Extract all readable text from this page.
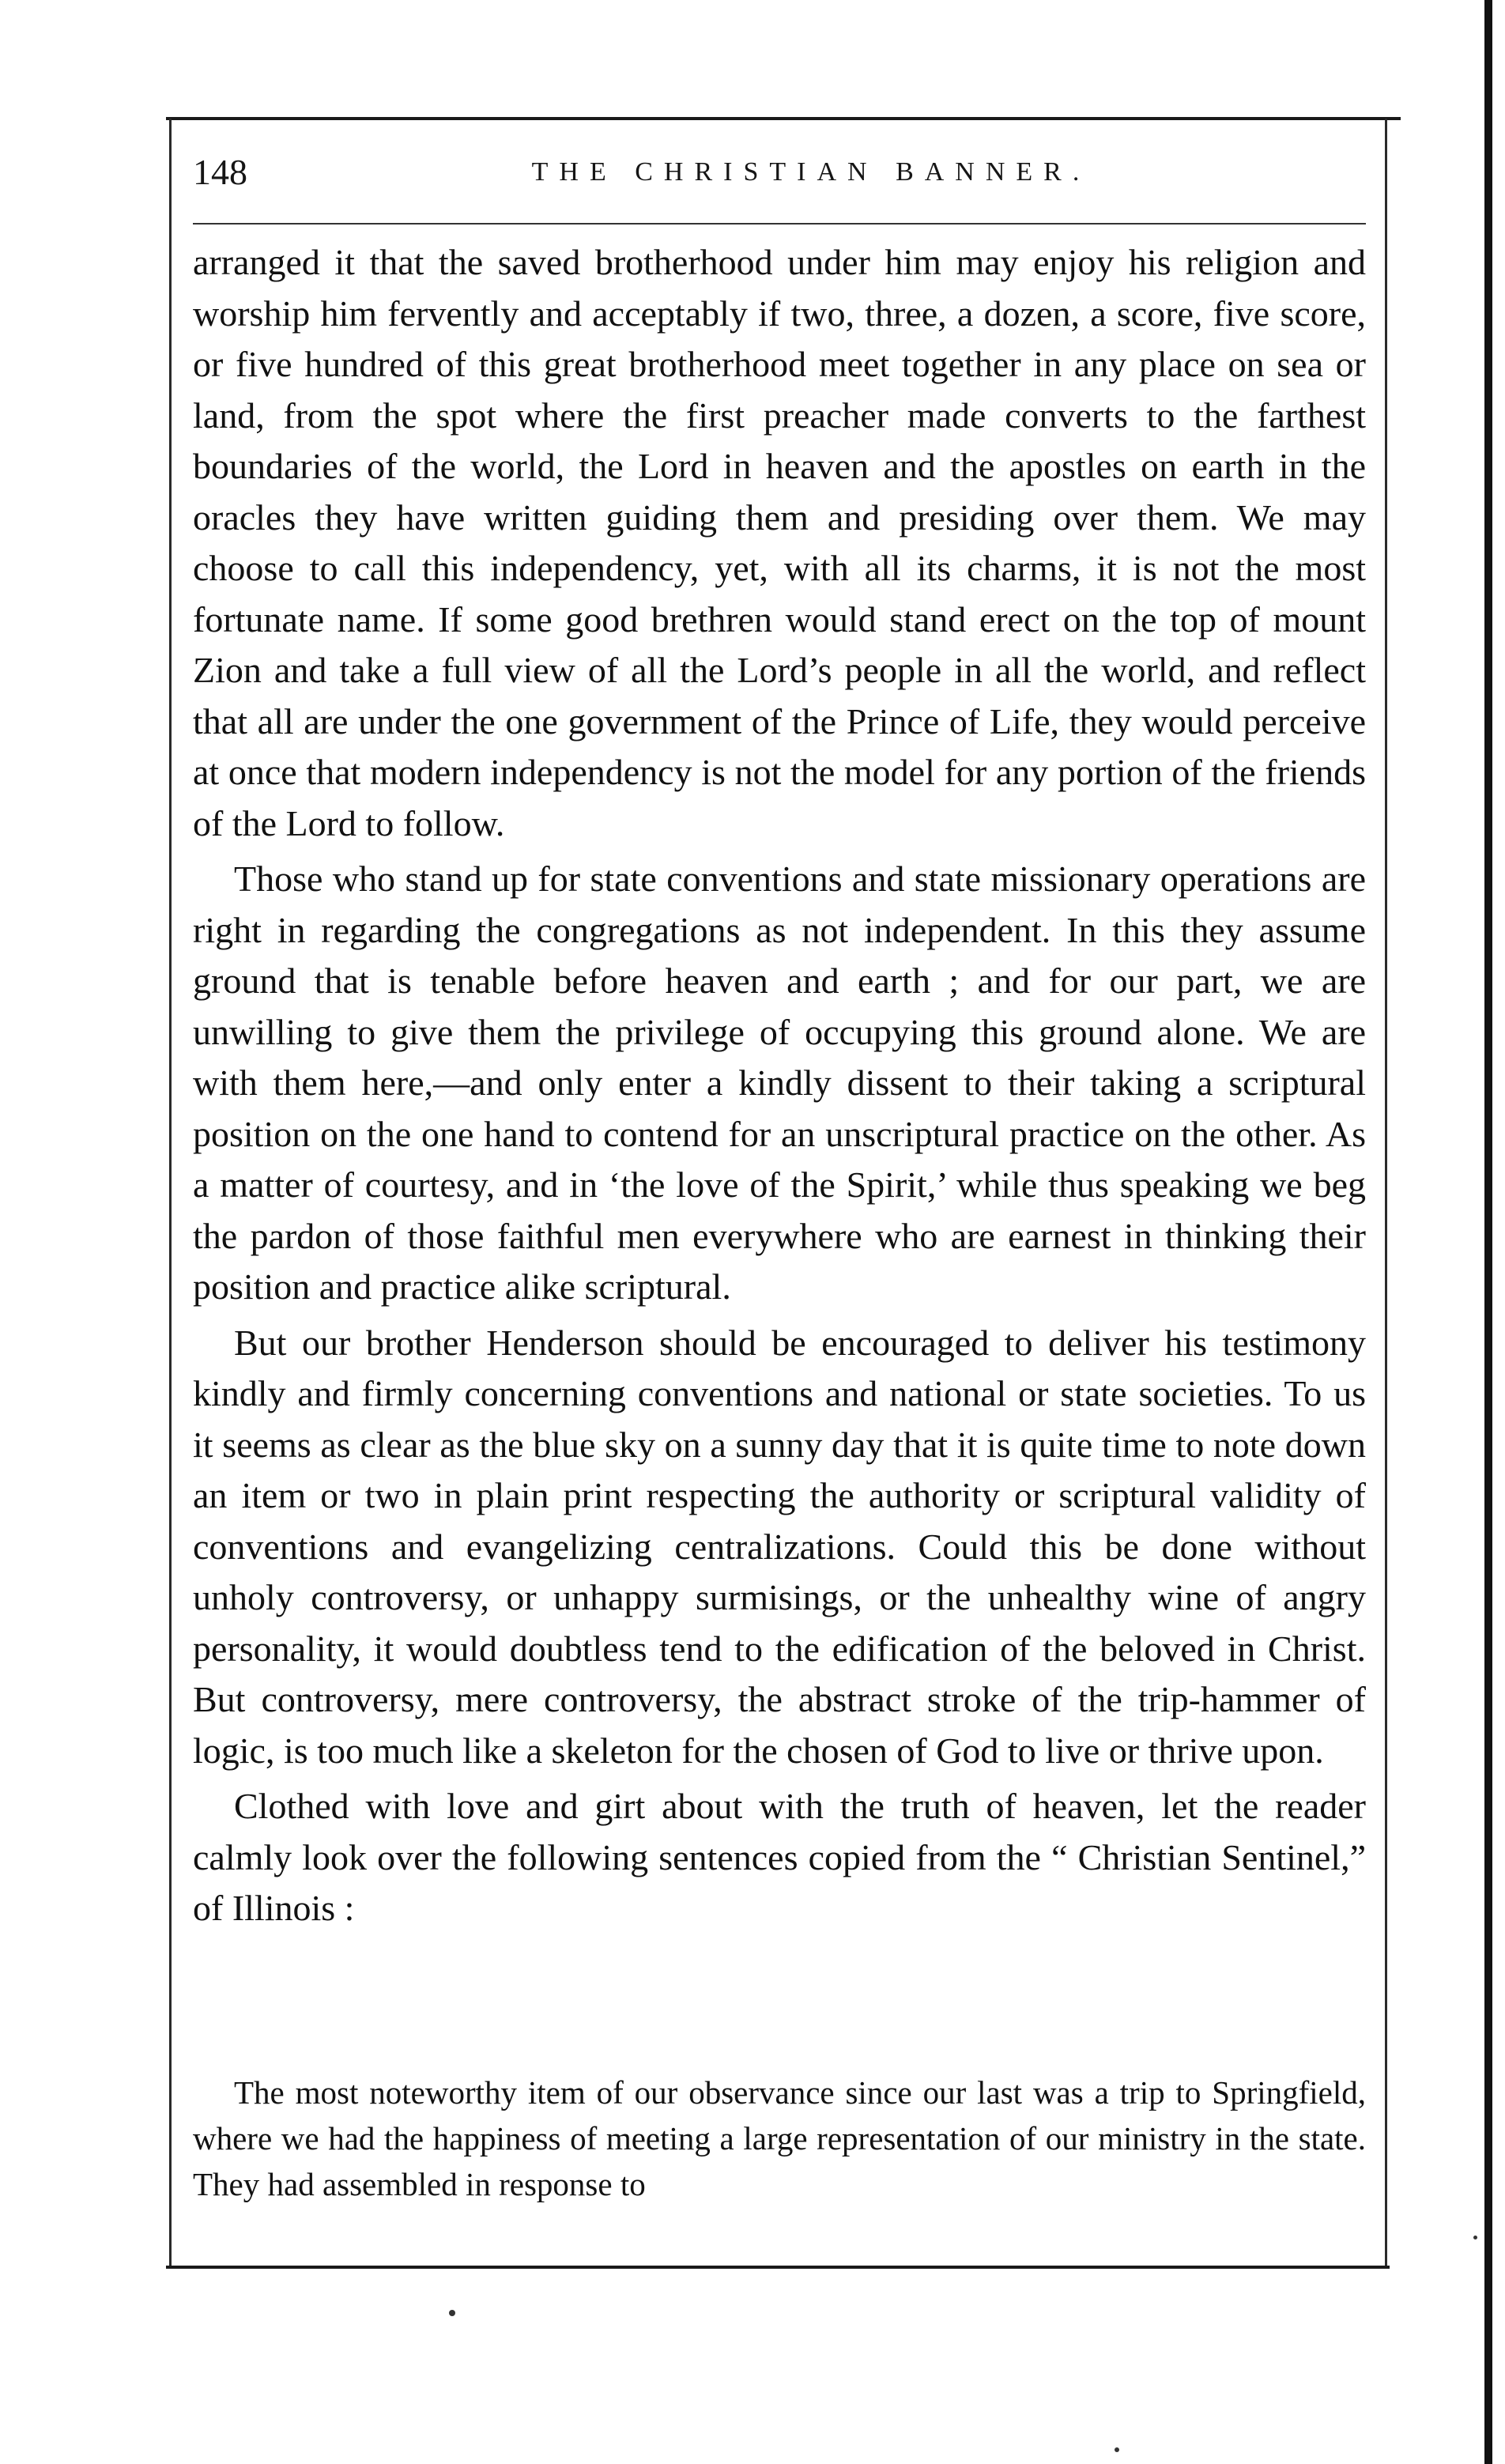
148	THE CHRISTIAN BANNER.

arranged it that the saved brotherhood under him may enjoy his religion and worship him fervently and acceptably if two, three, a dozen, a score, five score, or five hundred of this great brotherhood meet together in any place on sea or land, from the spot where the first preacher made converts to the farthest boundaries of the world, the Lord in heaven and the apostles on earth in the oracles they have written guiding them and presiding over them. We may choose to call this independency, yet, with all its charms, it is not the most fortunate name. If some good brethren would stand erect on the top of mount Zion and take a full view of all the Lord’s people in all the world, and reflect that all are under the one government of the Prince of Life, they would perceive at once that modern independency is not the model for any portion of the friends of the Lord to follow.

Those who stand up for state conventions and state missionary operations are right in regarding the congregations as not independent. In this they assume ground that is tenable before heaven and earth ; and for our part, we are unwilling to give them the privilege of occupying this ground alone. We are with them here,—and only enter a kindly dissent to their taking a scriptural position on the one hand to contend for an unscriptural practice on the other. As a matter of courtesy, and in ‘the love of the Spirit,’ while thus speaking we beg the pardon of those faithful men everywhere who are earnest in thinking their position and practice alike scriptural.

But our brother Henderson should be encouraged to deliver his testimony kindly and firmly concerning conventions and national or state societies. To us it seems as clear as the blue sky on a sunny day that it is quite time to note down an item or two in plain print respecting the authority or scriptural validity of conventions and evangelizing centralizations. Could this be done without unholy controversy, or unhappy surmisings, or the unhealthy wine of angry personality, it would doubtless tend to the edification of the beloved in Christ. But controversy, mere controversy, the abstract stroke of the trip-hammer of logic, is too much like a skeleton for the chosen of God to live or thrive upon.

Clothed with love and girt about with the truth of heaven, let the reader calmly look over the following sentences copied from the “ Christian Sentinel,” of Illinois :

The most noteworthy item of our observance since our last was a trip to Springfield, where we had the happiness of meeting a large representation of our ministry in the state. They had assembled in response to
